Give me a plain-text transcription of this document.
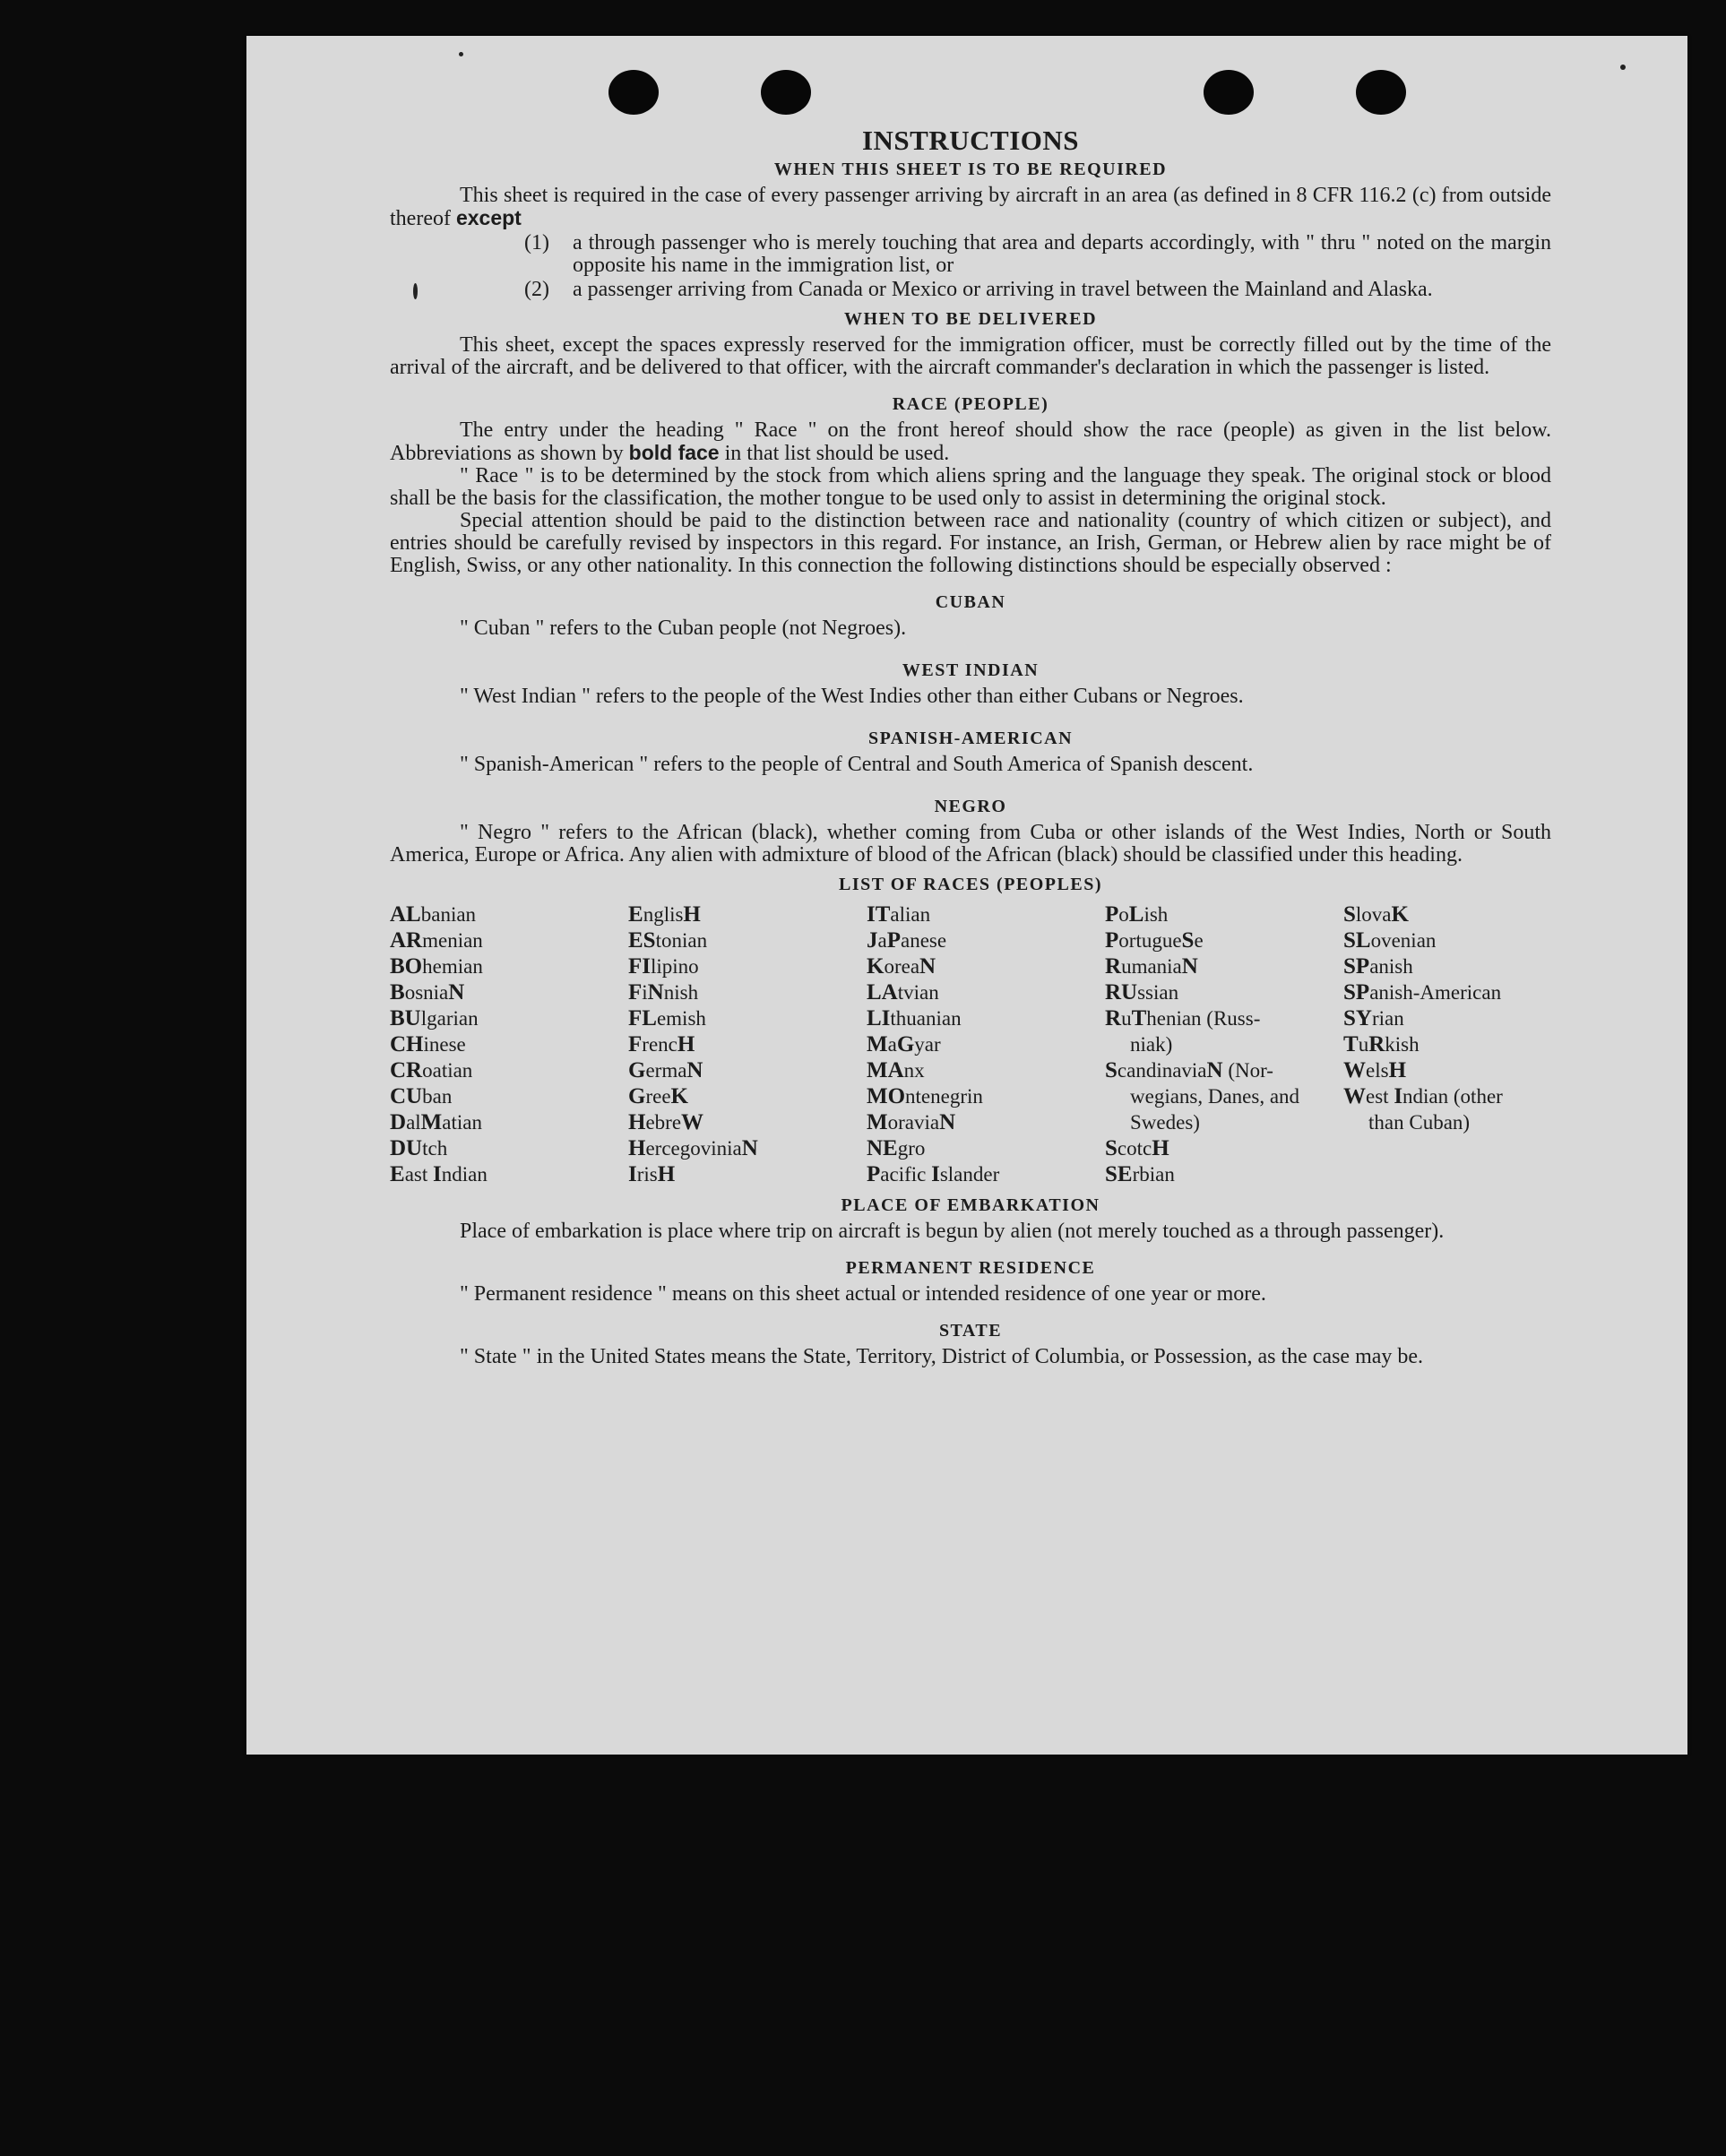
INSTRUCTIONS
WHEN THIS SHEET IS TO BE REQUIRED

This sheet is required in the case of every passenger arriving by aircraft in an area (as defined in 8 CFR 116.2 (c) from outside thereof except

(1)	a through passenger who is merely touching that area and departs accordingly, with " thru " noted on the margin opposite his name in the immigration list, or
(2)	a passenger arriving from Canada or Mexico or arriving in travel between the Mainland and Alaska.
WHEN TO BE DELIVERED

This sheet, except the spaces expressly reserved for the immigration officer, must be correctly filled out by the time of the arrival of the aircraft, and be delivered to that officer, with the aircraft commander's declaration in which the passenger is listed.

RACE (PEOPLE)

The entry under the heading " Race " on the front hereof should show the race (people) as given in the list below. Abbreviations as shown by bold face in that list should be used.

" Race " is to be determined by the stock from which aliens spring and the language they speak. The original stock or blood shall be the basis for the classification, the mother tongue to be used only to assist in determining the original stock.

Special attention should be paid to the distinction between race and nationality (country of which citizen or subject), and entries should be carefully revised by inspectors in this regard. For instance, an Irish, German, or Hebrew alien by race might be of English, Swiss, or any other nationality. In this connection the following distinctions should be especially observed :

CUBAN

" Cuban " refers to the Cuban people (not Negroes).

WEST INDIAN

" West Indian " refers to the people of the West Indies other than either Cubans or Negroes.

SPANISH-AMERICAN

" Spanish-American " refers to the people of Central and South America of Spanish descent.

NEGRO

" Negro " refers to the African (black), whether coming from Cuba or other islands of the West Indies, North or South America, Europe or Africa. Any alien with admixture of blood of the African (black) should be classified under this heading.

LIST OF RACES (PEOPLES)
ALbanian
ARmenian
BOhemian
BosniaN
BUlgarian
CHinese
CRoatian
CUban
DalMatian
DUtch
East Indian
EnglisH
EStonian
FIlipino
FiNnish
FLemish
FrencH
GermaN
GreeK
HebreW
HercegoviniaN
IrisH
ITalian
JaPanese
KoreaN
LAtvian
LIthuanian
MaGyar
MAnx
MOntenegrin
MoraviaN
NEgro
Pacific Islander
PoLish
PortugueSe
RumaniaN
RUssian
RuThenian (Russ-
niak)
ScandinaviaN (Nor-
wegians, Danes, and Swedes)
ScotcH
SErbian
SlovaK
SLovenian
SPanish
SPanish-American
SYrian
TuRkish
WelsH
West Indian (other
than Cuban)
PLACE OF EMBARKATION

Place of embarkation is place where trip on aircraft is begun by alien (not merely touched as a through passenger).

PERMANENT RESIDENCE

" Permanent residence " means on this sheet actual or intended residence of one year or more.

STATE

" State " in the United States means the State, Territory, District of Columbia, or Possession, as the case may be.
